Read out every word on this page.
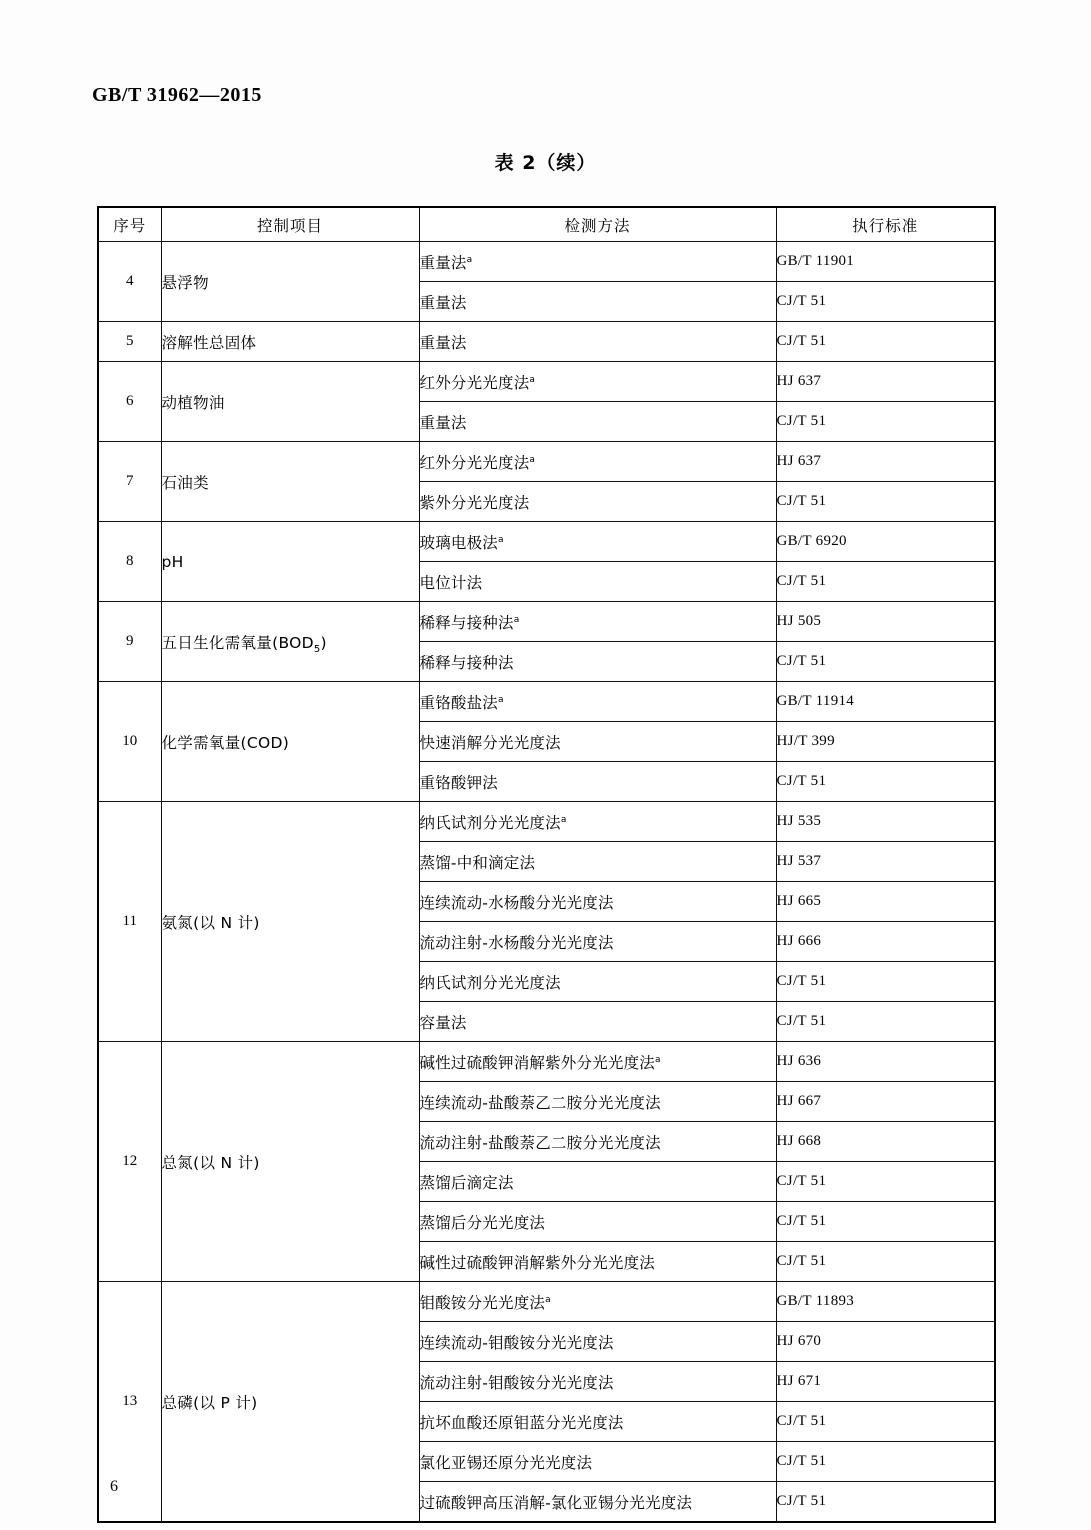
GB/T 31962—2015
表 2（续）
序号	控制项目	检测方法	执行标准
4	悬浮物	重量法$^a$	GB/T 11901
		重量法	CJ/T 51
5	溶解性总固体	重量法	CJ/T 51
6	动植物油	红外分光光度法$^a$	HJ 637
		重量法	CJ/T 51
7	石油类	红外分光光度法$^a$	HJ 637
		紫外分光光度法	CJ/T 51
8	pH	玻璃电极法$^a$	GB/T 6920
		电位计法	CJ/T 51
9	五日生化需氧量$(BOD_5)$	稀释与接种法$^a$	HJ 505
		稀释与接种法	CJ/T 51
10	化学需氧量(COD)	重铬酸盐法$^a$	GB/T 11914
		快速消解分光光度法	HJ/T 399
		重铬酸钾法	CJ/T 51
11	氨氮(以 N 计)	纳氏试剂分光光度法$^a$	HJ 535
		蒸馏-中和滴定法	HJ 537
		连续流动-水杨酸分光光度法	HJ 665
		流动注射-水杨酸分光光度法	HJ 666
		纳氏试剂分光光度法	CJ/T 51
		容量法	CJ/T 51
12	总氮(以 N 计)	碱性过硫酸钾消解紫外分光光度法$^a$	HJ 636
		连续流动-盐酸萘乙二胺分光光度法	HJ 667
		流动注射-盐酸萘乙二胺分光光度法	HJ 668
		蒸馏后滴定法	CJ/T 51
		蒸馏后分光光度法	CJ/T 51
		碱性过硫酸钾消解紫外分光光度法	CJ/T 51
13	总磷(以 P 计)	钼酸铵分光光度法$^a$	GB/T 11893
		连续流动-钼酸铵分光光度法	HJ 670
		流动注射-钼酸铵分光光度法	HJ 671
		抗坏血酸还原钼蓝分光光度法	CJ/T 51
		氯化亚锡还原分光光度法	CJ/T 51
		过硫酸钾高压消解-氯化亚锡分光光度法	CJ/T 51
6
